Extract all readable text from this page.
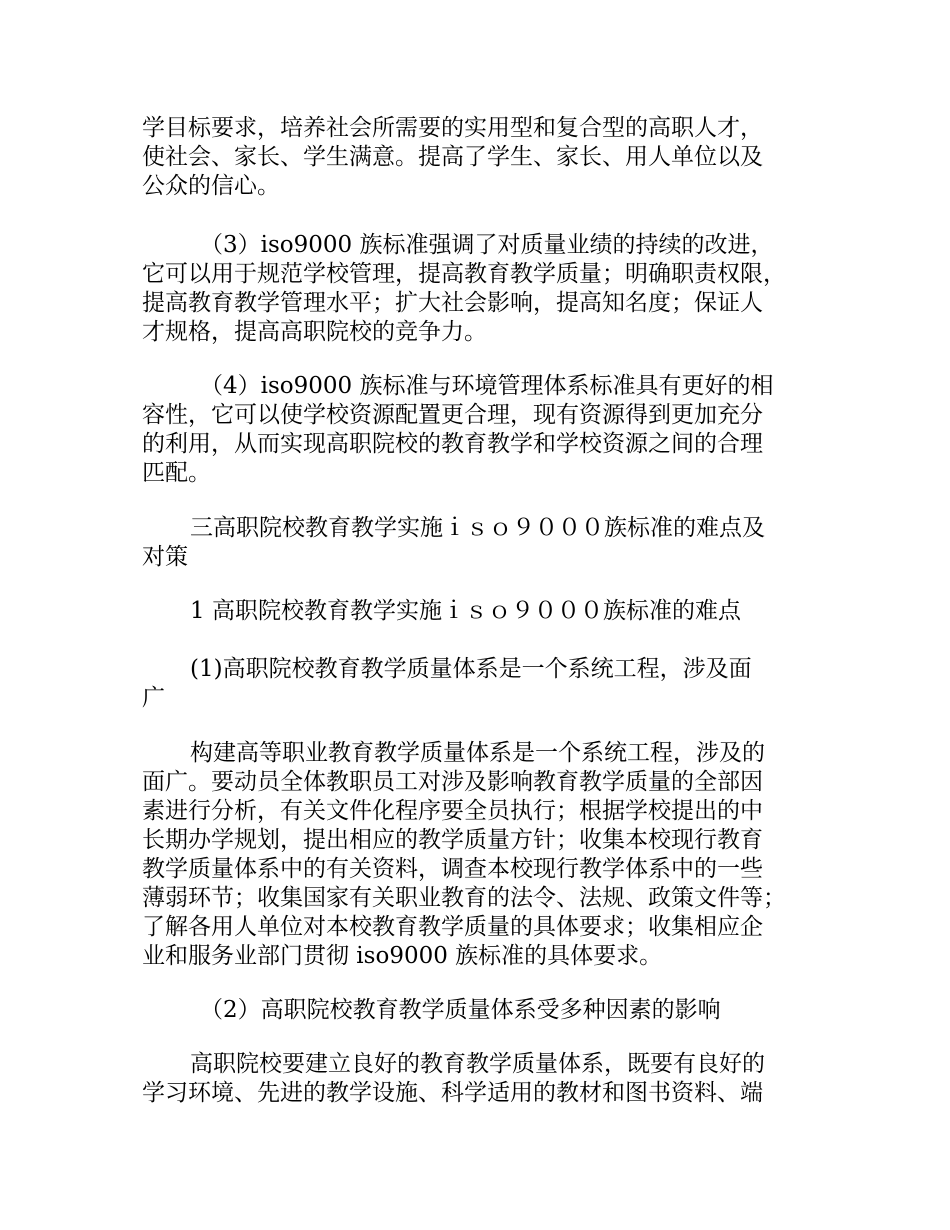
学目标要求，培养社会所需要的实用型和复合型的高职人才，
使社会、家长、学生满意。提高了学生、家长、用人单位以及
公众的信心。
（3）iso9000 族标准强调了对质量业绩的持续的改进，
它可以用于规范学校管理，提高教育教学质量；明确职责权限，
提高教育教学管理水平；扩大社会影响，提高知名度；保证人
才规格，提高高职院校的竞争力。
（4）iso9000 族标准与环境管理体系标准具有更好的相
容性，它可以使学校资源配置更合理，现有资源得到更加充分
的利用，从而实现高职院校的教育教学和学校资源之间的合理
匹配。
三高职院校教育教学实施ｉｓｏ９０００族标准的难点及
对策
1 高职院校教育教学实施ｉｓｏ９０００族标准的难点
(1)高职院校教育教学质量体系是一个系统工程，涉及面
广
构建高等职业教育教学质量体系是一个系统工程，涉及的
面广。要动员全体教职员工对涉及影响教育教学质量的全部因
素进行分析，有关文件化程序要全员执行；根据学校提出的中
长期办学规划，提出相应的教学质量方针；收集本校现行教育
教学质量体系中的有关资料，调查本校现行教学体系中的一些
薄弱环节；收集国家有关职业教育的法令、法规、政策文件等；
了解各用人单位对本校教育教学质量的具体要求；收集相应企
业和服务业部门贯彻 iso9000 族标准的具体要求。
（2）高职院校教育教学质量体系受多种因素的影响
高职院校要建立良好的教育教学质量体系，既要有良好的
学习环境、先进的教学设施、科学适用的教材和图书资料、端
